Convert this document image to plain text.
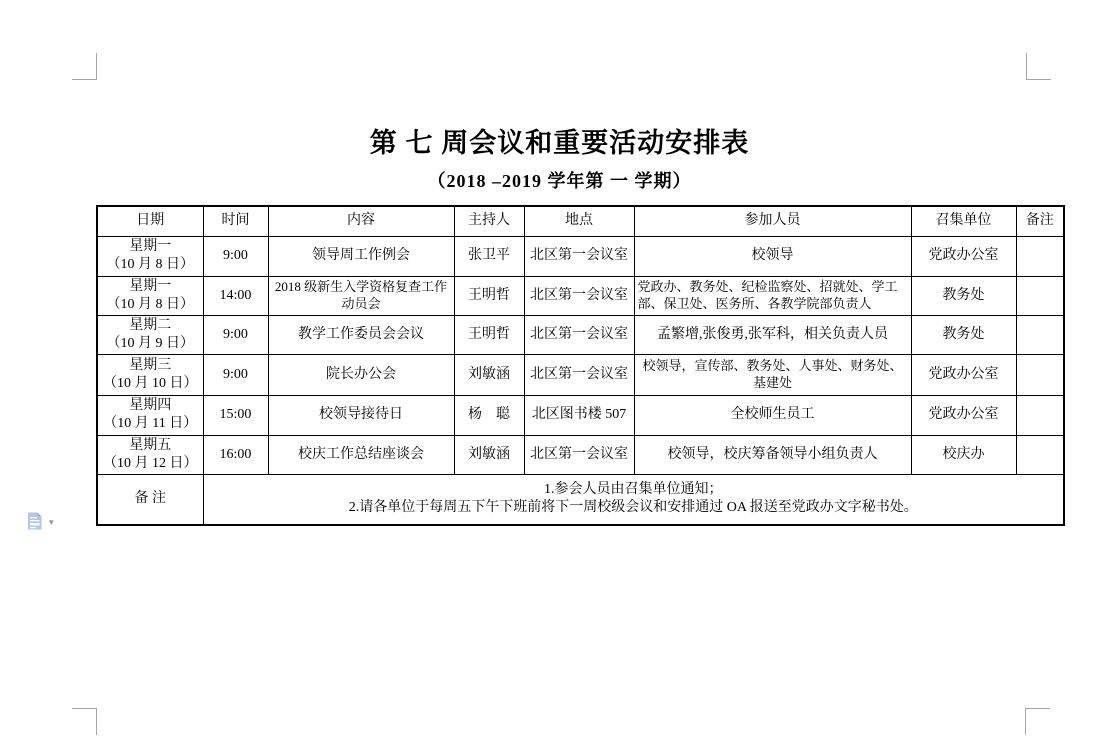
第 七 周会议和重要活动安排表
（2018 –2019 学年第 一 学期）
日期	时间	内容	主持人	地点	参加人员	召集单位	备注

星期一
（10 月 8 日）	9:00	领导周工作例会	张卫平	北区第一会议室	校领导	党政办公室	

星期一
（10 月 8 日）	14:00	2018 级新生入学资格复查工作动员会	王明哲	北区第一会议室	党政办、教务处、纪检监察处、招就处、学工部、保卫处、医务所、各教学院部负责人	教务处	

星期二
（10 月 9 日）	9:00	教学工作委员会会议	王明哲	北区第一会议室	孟繁增,张俊勇,张军科，相关负责人员	教务处	

星期三
（10 月 10 日）	9:00	院长办公会	刘敏涵	北区第一会议室	校领导，宣传部、教务处、人事处、财务处、基建处	党政办公室	

星期四
（10 月 11 日）	15:00	校领导接待日	杨　聪	北区图书楼 507	全校师生员工	党政办公室	

星期五
（10 月 12 日）	16:00	校庆工作总结座谈会	刘敏涵	北区第一会议室	校领导，校庆筹备领导小组负责人	校庆办	
备 注	1.参会人员由召集单位通知；
2.请各单位于每周五下午下班前将下一周校级会议和安排通过 OA 报送至党政办文字秘书处。						
▾
